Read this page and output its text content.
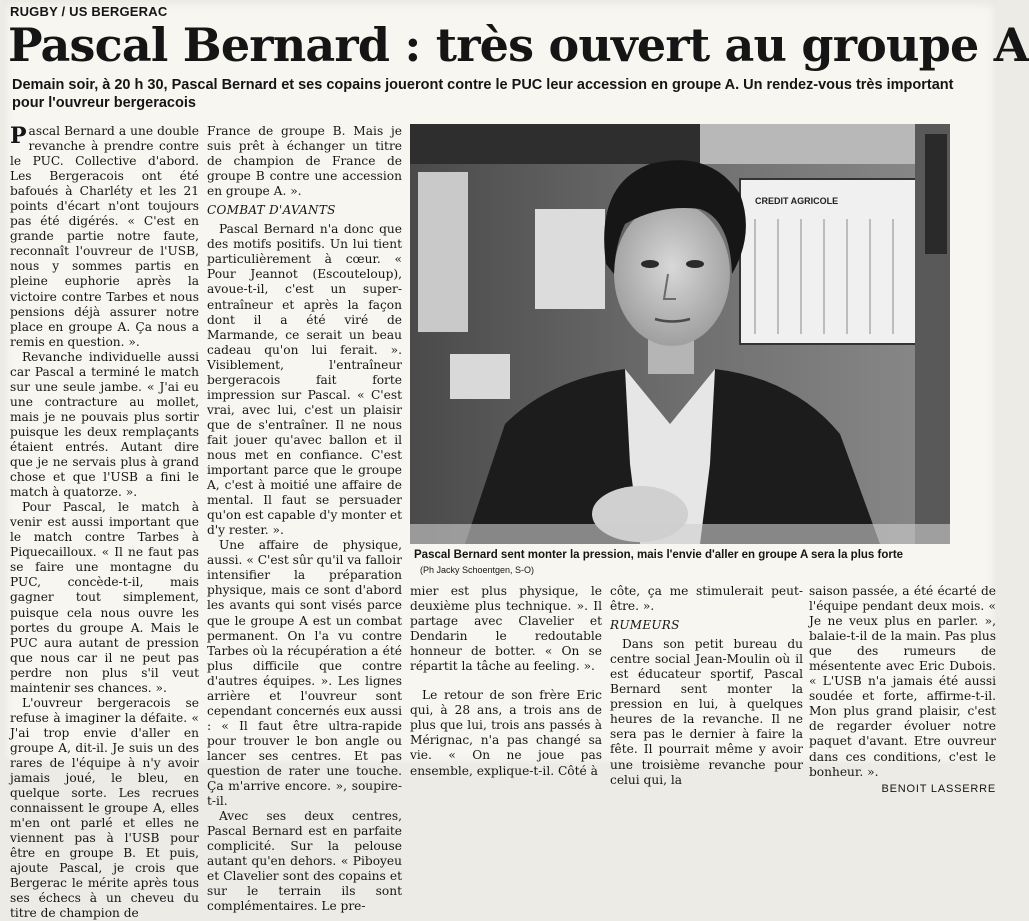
RUGBY / US BERGERAC
Pascal Bernard : très ouvert au groupe A
Demain soir, à 20 h 30, Pascal Bernard et ses copains joueront contre le PUC leur accession en groupe A. Un rendez-vous très important pour l'ouvreur bergeracois

Pascal Bernard a une double revanche à prendre contre le PUC. Collective d'abord. Les Bergeracois ont été bafoués à Charléty et les 21 points d'écart n'ont toujours pas été digérés. « C'est en grande partie notre faute, reconnaît l'ouvreur de l'USB, nous y sommes partis en pleine euphorie après la victoire contre Tarbes et nous pensions déjà assurer notre place en groupe A. Ça nous a remis en question. ».

Revanche individuelle aussi car Pascal a terminé le match sur une seule jambe. « J'ai eu une contracture au mollet, mais je ne pouvais plus sortir puisque les deux remplaçants étaient entrés. Autant dire que je ne servais plus à grand chose et que l'USB a fini le match à quatorze. ».

Pour Pascal, le match à venir est aussi important que le match contre Tarbes à Piquecailloux. « Il ne faut pas se faire une montagne du PUC, concède-t-il, mais gagner tout simplement, puisque cela nous ouvre les portes du groupe A. Mais le PUC aura autant de pression que nous car il ne peut pas perdre non plus s'il veut maintenir ses chances. ».

L'ouvreur bergeracois se refuse à imaginer la défaite. « J'ai trop envie d'aller en groupe A, dit-il. Je suis un des rares de l'équipe à n'y avoir jamais joué, le bleu, en quelque sorte. Les recrues connaissent le groupe A, elles m'en ont parlé et elles ne viennent pas à l'USB pour être en groupe B. Et puis, ajoute Pascal, je crois que Bergerac le mérite après tous ses échecs à un cheveu du titre de champion de

France de groupe B. Mais je suis prêt à échanger un titre de champion de France de groupe B contre une accession en groupe A. ».

COMBAT D'AVANTS

Pascal Bernard n'a donc que des motifs positifs. Un lui tient particulièrement à cœur. « Pour Jeannot (Escouteloup), avoue-t-il, c'est un super-entraîneur et après la façon dont il a été viré de Marmande, ce serait un beau cadeau qu'on lui ferait. ». Visiblement, l'entraîneur bergeracois fait forte impression sur Pascal. « C'est vrai, avec lui, c'est un plaisir que de s'entraîner. Il ne nous fait jouer qu'avec ballon et il nous met en confiance. C'est important parce que le groupe A, c'est à moitié une affaire de mental. Il faut se persuader qu'on est capable d'y monter et d'y rester. ».

Une affaire de physique, aussi. « C'est sûr qu'il va falloir intensifier la préparation physique, mais ce sont d'abord les avants qui sont visés parce que le groupe A est un combat permanent. On l'a vu contre Tarbes où la récupération a été plus difficile que contre d'autres équipes. ». Les lignes arrière et l'ouvreur sont cependant concernés eux aussi : « Il faut être ultra-rapide pour trouver le bon angle ou lancer ses centres. Et pas question de rater une touche. Ça m'arrive encore. », soupire-t-il.

Avec ses deux centres, Pascal Bernard est en parfaite complicité. Sur la pelouse autant qu'en dehors. « Piboyeu et Clavelier sont des copains et sur le terrain ils sont complémentaires. Le pre-

CREDIT AGRICOLE
Pascal Bernard sent monter la pression, mais l'envie d'aller en groupe A sera la plus forte
(Ph Jacky Schoentgen, S-O)

mier est plus physique, le deuxième plus technique. ». Il partage avec Clavelier et Dendarin le redoutable honneur de botter. « On se répartit la tâche au feeling. ».

Le retour de son frère Eric qui, à 28 ans, a trois ans de plus que lui, trois ans passés à Mérignac, n'a pas changé sa vie. « On ne joue pas ensemble, explique-t-il. Côté à

côte, ça me stimulerait peut-être. ».

RUMEURS

Dans son petit bureau du centre social Jean-Moulin où il est éducateur sportif, Pascal Bernard sent monter la pression en lui, à quelques heures de la revanche. Il ne sera pas le dernier à faire la fête. Il pourrait même y avoir une troisième revanche pour celui qui, la

saison passée, a été écarté de l'équipe pendant deux mois. « Je ne veux plus en parler. », balaie-t-il de la main. Pas plus que des rumeurs de mésentente avec Eric Dubois. « L'USB n'a jamais été aussi soudée et forte, affirme-t-il. Mon plus grand plaisir, c'est de regarder évoluer notre paquet d'avant. Etre ouvreur dans ces conditions, c'est le bonheur. ».

BENOIT LASSERRE
